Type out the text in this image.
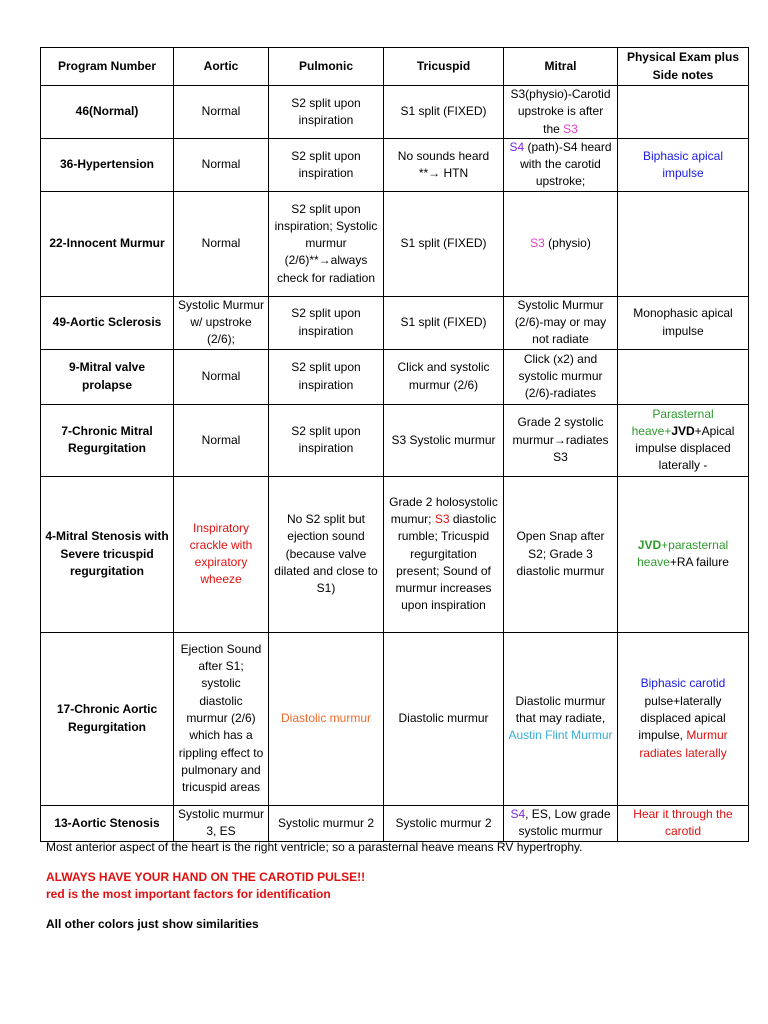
Program Number	Aortic	Pulmonic	Tricuspid	Mitral	Physical Exam plus Side notes
46(Normal)	Normal	S2 split upon inspiration	S1 split (FIXED)	S3(physio)-Carotid upstroke is after the S3	
36-Hypertension	Normal	S2 split upon inspiration	No sounds heard **→ HTN	S4 (path)-S4 heard with the carotid upstroke;	Biphasic apical impulse
22-Innocent Murmur	Normal	S2 split upon inspiration; Systolic murmur (2/6)**→always check for radiation	S1 split (FIXED)	S3 (physio)	
49-Aortic Sclerosis	Systolic Murmur w/ upstroke (2/6);	S2 split upon inspiration	S1 split (FIXED)	Systolic Murmur (2/6)-may or may not radiate	Monophasic apical impulse
9-Mitral valve prolapse	Normal	S2 split upon inspiration	Click and systolic murmur (2/6)	Click (x2) and systolic murmur (2/6)-radiates	
7-Chronic Mitral Regurgitation	Normal	S2 split upon inspiration	S3 Systolic murmur	Grade 2 systolic murmur→radiates S3	Parasternal heave+JVD+Apical impulse displaced laterally -
4-Mitral Stenosis with Severe tricuspid regurgitation	Inspiratory crackle with expiratory wheeze	No S2 split but ejection sound (because valve dilated and close to S1)	Grade 2 holosystolic mumur; S3 diastolic rumble; Tricuspid regurgitation present; Sound of murmur increases upon inspiration	Open Snap after S2; Grade 3 diastolic murmur	JVD+parasternal heave+RA failure
17-Chronic Aortic Regurgitation	Ejection Sound after S1; systolic diastolic murmur (2/6) which has a rippling effect to pulmonary and tricuspid areas	Diastolic murmur	Diastolic murmur	Diastolic murmur that may radiate, Austin Flint Murmur	Biphasic carotid pulse+laterally displaced apical impulse, Murmur radiates laterally
13-Aortic Stenosis	Systolic murmur 3, ES	Systolic murmur 2	Systolic murmur 2	S4, ES, Low grade systolic murmur	Hear it through the carotid
Most anterior aspect of the heart is the right ventricle; so a parasternal heave means RV hypertrophy.
ALWAYS HAVE YOUR HAND ON THE CAROTID PULSE!!
red is the most important factors for identification
All other colors just show similarities
